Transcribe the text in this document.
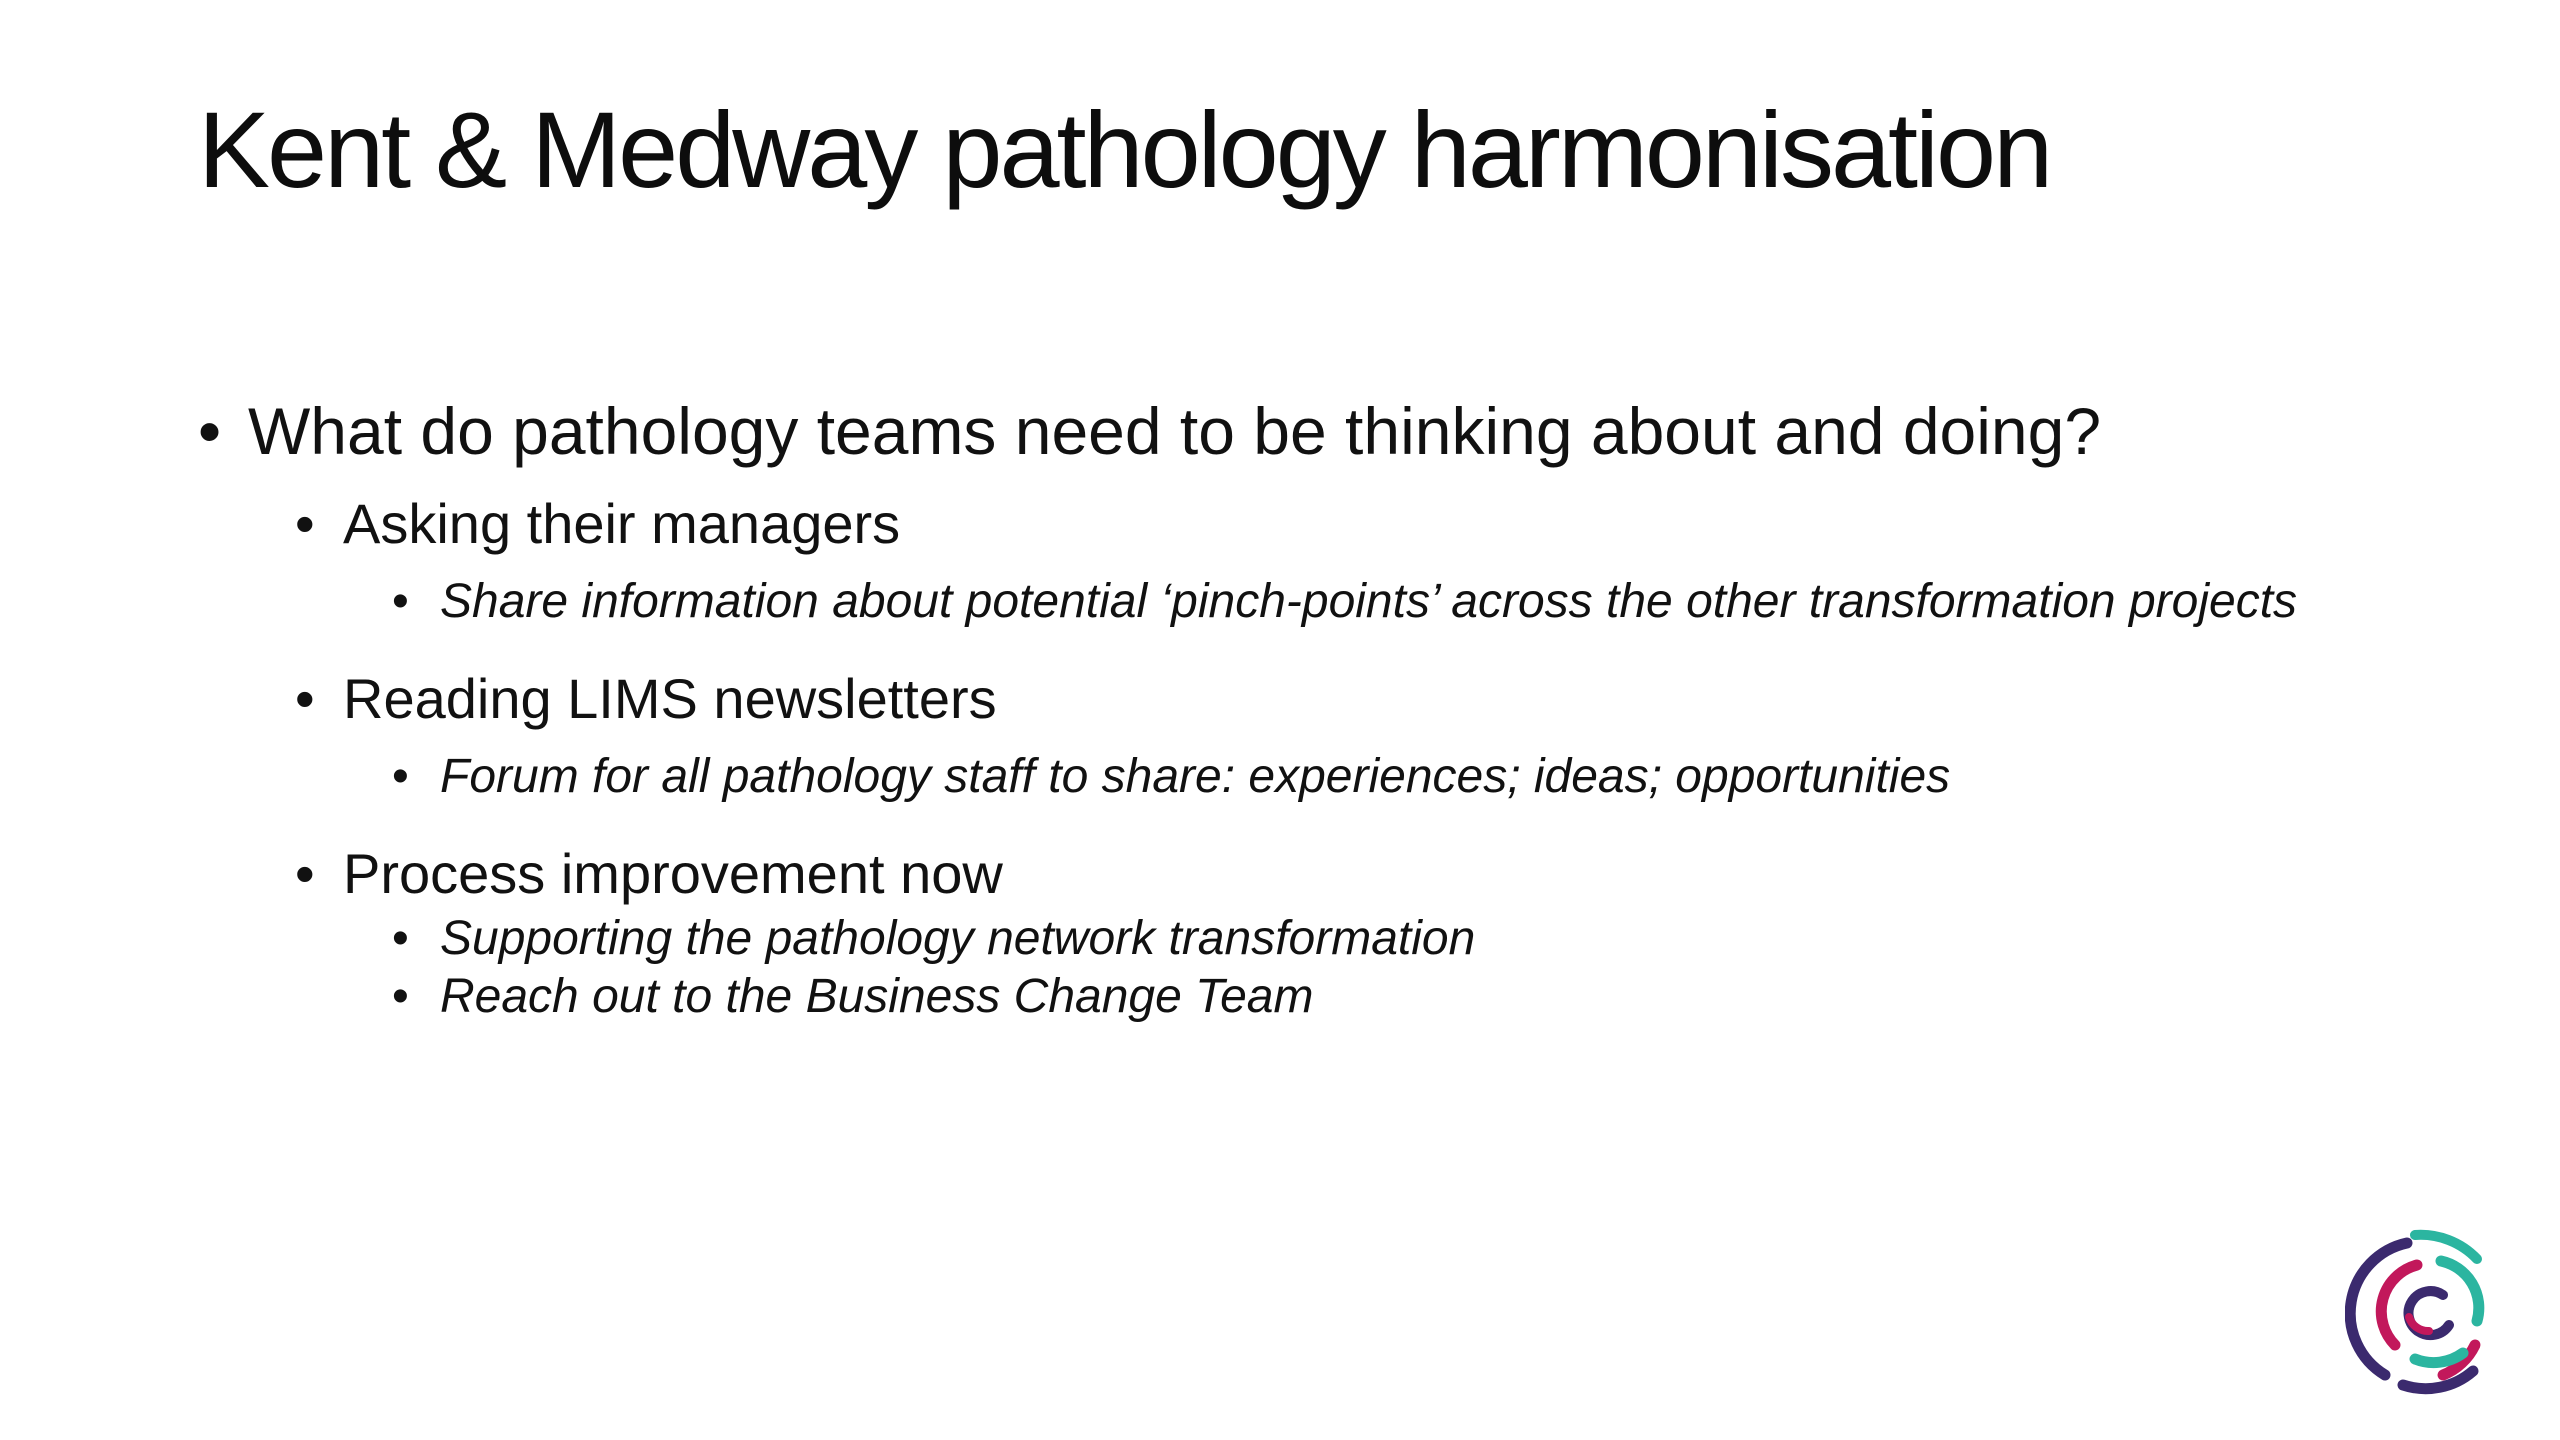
Kent & Medway pathology harmonisation
• What do pathology teams need to be thinking about and doing?
• Asking their managers
• Share information about potential ‘pinch-points’ across the other transformation projects
• Reading LIMS newsletters
• Forum for all pathology staff to share: experiences; ideas; opportunities
• Process improvement now
• Supporting the pathology network transformation
• Reach out to the Business Change Team
